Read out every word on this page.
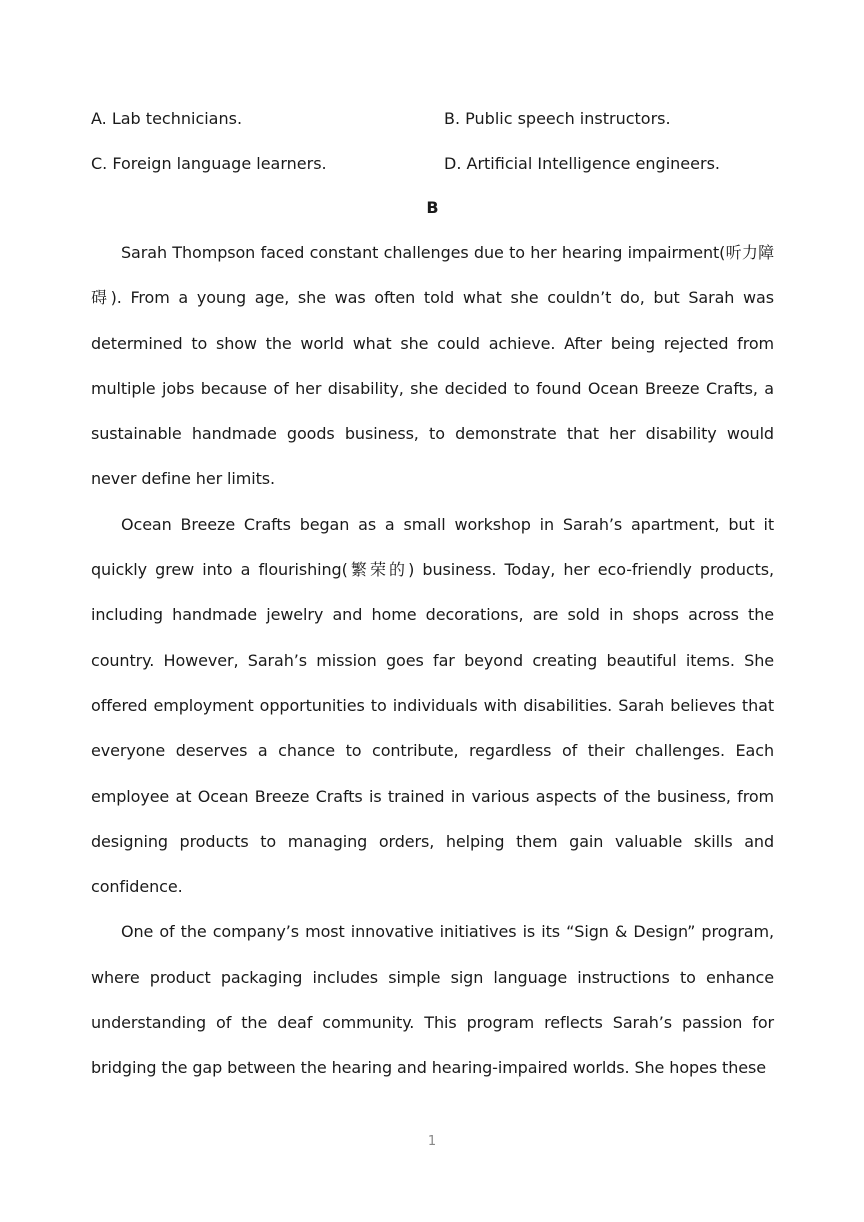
A. Lab technicians.	B. Public speech instructors.
C. Foreign language learners.	D. Artificial Intelligence engineers.
B

Sarah Thompson faced constant challenges due to her hearing impairment(听力障碍). From a young age, she was often told what she couldn’t do, but Sarah was determined to show the world what she could achieve. After being rejected from multiple jobs because of her disability, she decided to found Ocean Breeze Crafts, a sustainable handmade goods business, to demonstrate that her disability would never define her limits.

Ocean Breeze Crafts began as a small workshop in Sarah’s apartment, but it quickly grew into a flourishing(繁荣的) business. Today, her eco-friendly products, including handmade jewelry and home decorations, are sold in shops across the country. However, Sarah’s mission goes far beyond creating beautiful items. She offered employment opportunities to individuals with disabilities. Sarah believes that everyone deserves a chance to contribute, regardless of their challenges. Each employee at Ocean Breeze Crafts is trained in various aspects of the business, from designing products to managing orders, helping them gain valuable skills and confidence.

One of the company’s most innovative initiatives is its “Sign & Design” program, where product packaging includes simple sign language instructions to enhance understanding of the deaf community. This program reflects Sarah’s passion for bridging the gap between the hearing and hearing-impaired worlds. She hopes these

1
